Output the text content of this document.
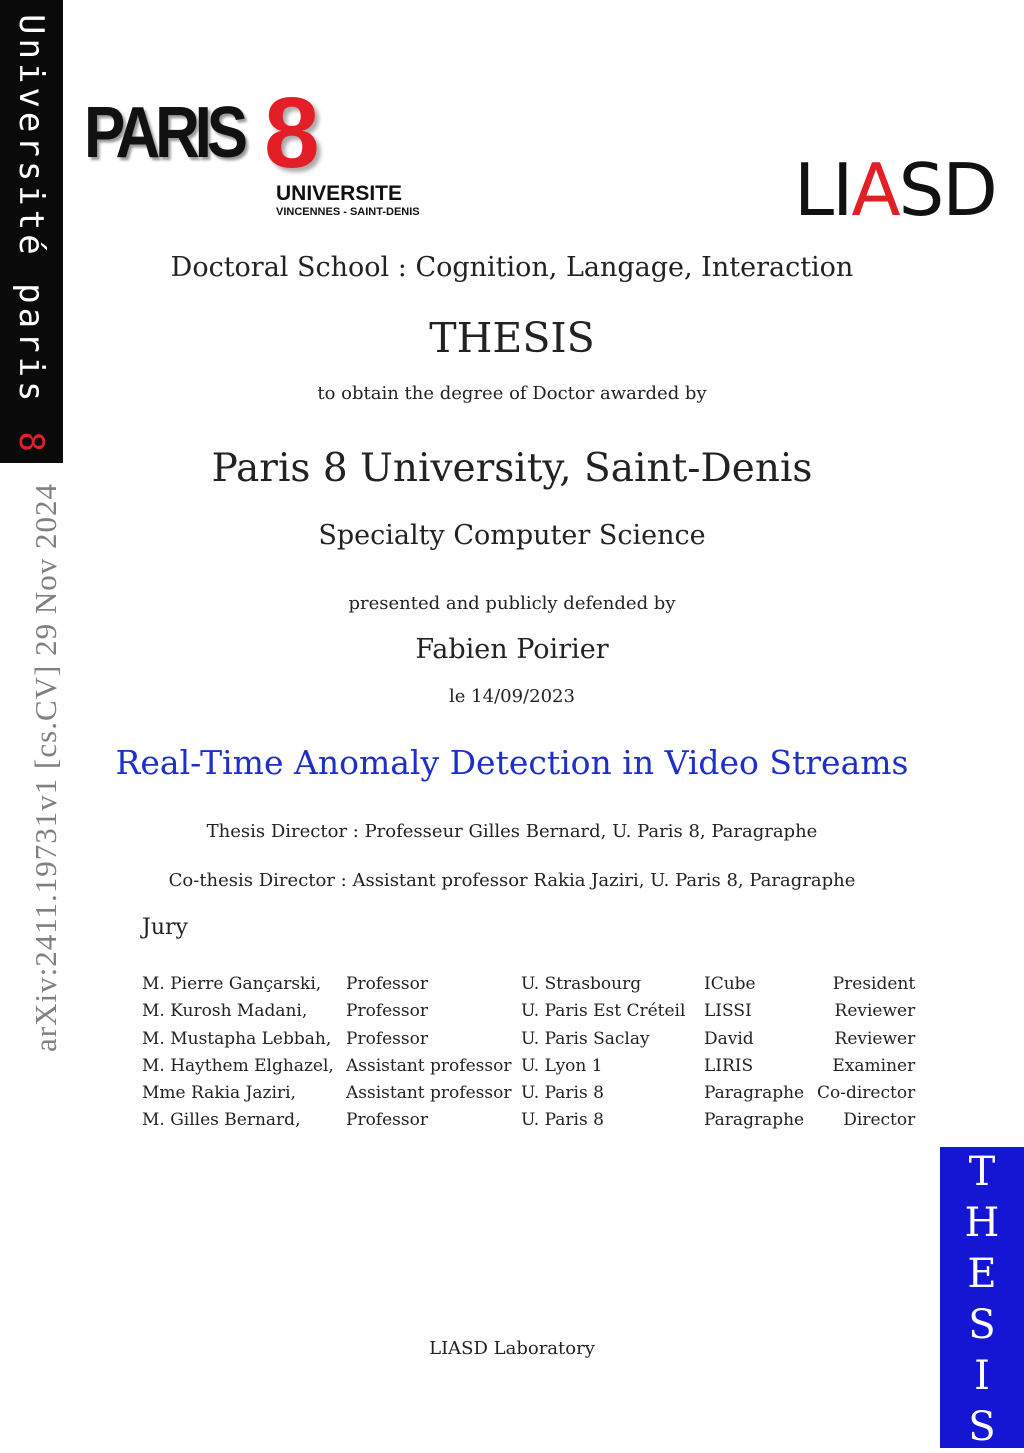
Université paris8
arXiv:2411.19731v1 [cs.CV] 29 Nov 2024
PARIS 8
UNIVERSITE
VINCENNES - SAINT-DENIS	LIASD
Doctoral School : Cognition, Langage, Interaction
THESIS
to obtain the degree of Doctor awarded by
Paris 8 University, Saint-Denis
Specialty Computer Science
presented and publicly defended by
Fabien Poirier
le 14/09/2023
Real-Time Anomaly Detection in Video Streams
Thesis Director : Professeur Gilles Bernard, U. Paris 8, Paragraphe
Co-thesis Director : Assistant professor Rakia Jaziri, U. Paris 8, Paragraphe
Jury
M. Pierre Gançarski,	Professor	U. Strasbourg	ICube	President
M. Kurosh Madani,	Professor	U. Paris Est Créteil	LISSI	Reviewer
M. Mustapha Lebbah,	Professor	U. Paris Saclay	David	Reviewer
M. Haythem Elghazel,	Assistant professor	U. Lyon 1	LIRIS	Examiner
Mme Rakia Jaziri,	Assistant professor	U. Paris 8	Paragraphe	Co-director
M. Gilles Bernard,	Professor	U. Paris 8	Paragraphe	Director
LIASD Laboratory
T
H
E
S
I
S
